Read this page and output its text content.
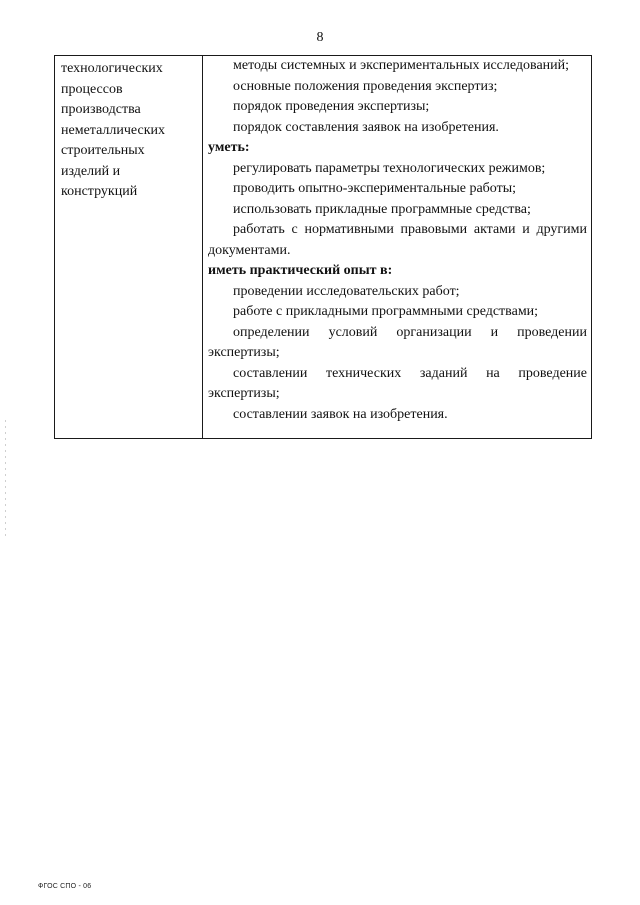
8
технологических
процессов
производства
неметаллических
строительных
изделий и
конструкций

методы системных и экспериментальных исследований;

основные положения проведения экспертиз;

порядок проведения экспертизы;

порядок составления заявок на изобретения.

уметь:

регулировать параметры технологических режимов;

проводить опытно-экспериментальные работы;

использовать прикладные программные средства;

работать с нормативными правовыми актами и другими документами.

иметь практический опыт в:

проведении исследовательских работ;

работе с прикладными программными средствами;

определении условий организации и проведении экспертизы;

составлении технических заданий на проведение экспертизы;

составлении заявок на изобретения.

ФГОС СПО - 06
